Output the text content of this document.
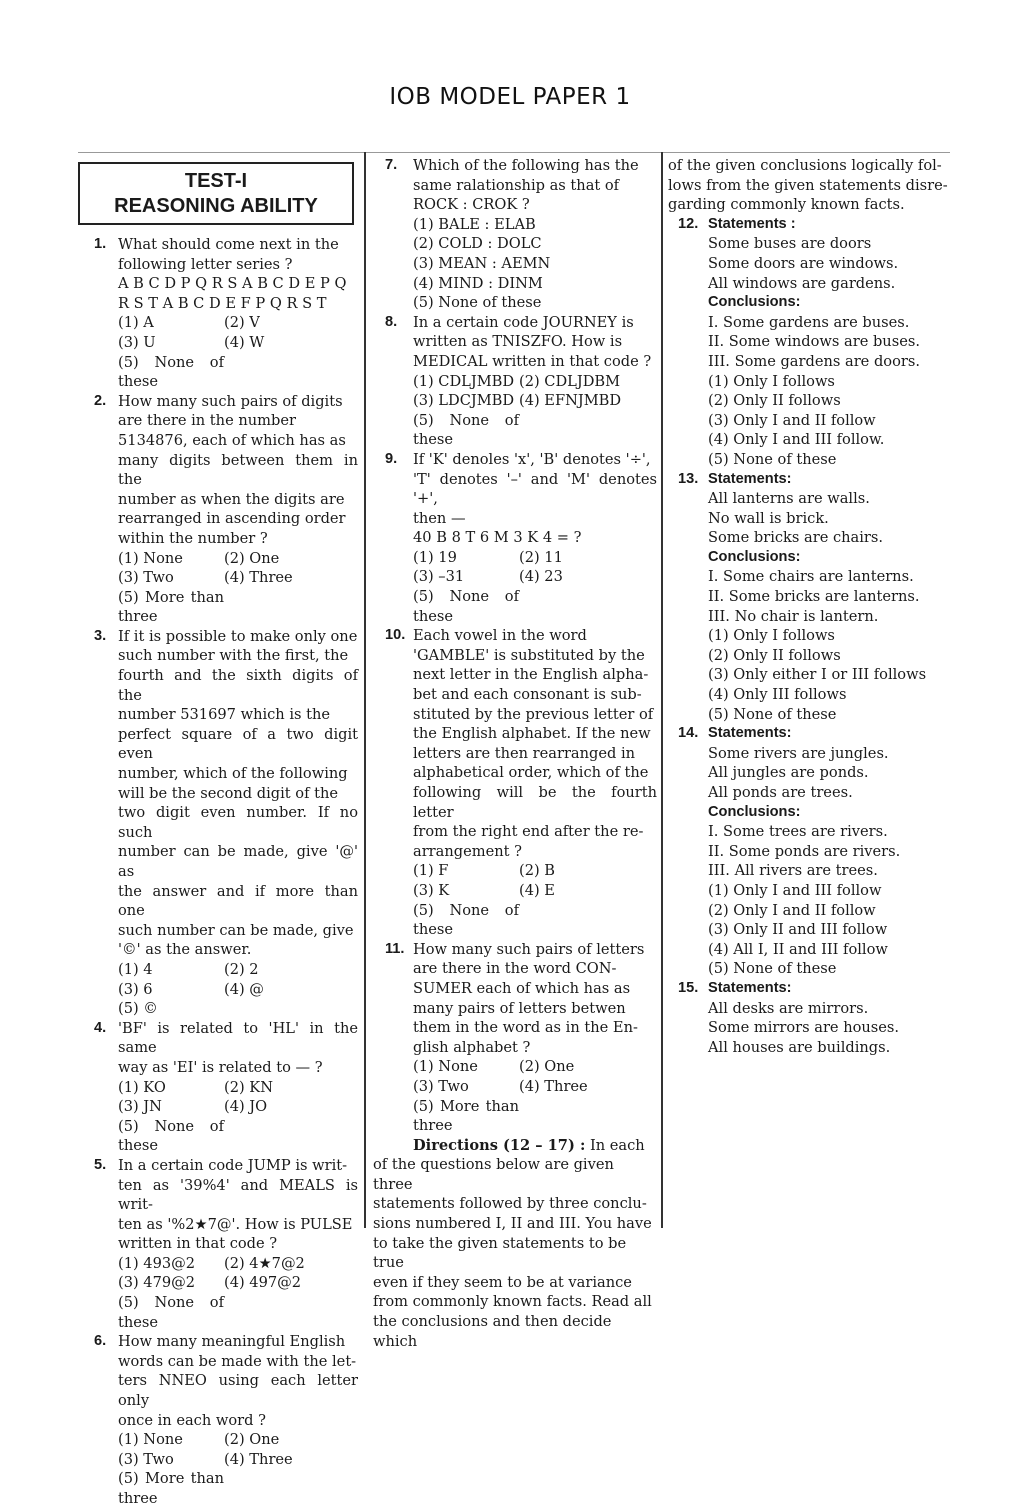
IOB MODEL PAPER 1
TEST-I
REASONING ABILITY
1. What should come next in the
following letter series ?
A B C D P Q R S A B C D E P Q
R S T A B C D E F P Q R S T
(1) A	(2) V
(3) U	(4) W
(5) None of these
2. How many such pairs of digits
are there in the number
5134876, each of which has as
many digits between them in the
number as when the digits are
rearranged in ascending order
within the number ?
(1) None	(2) One
(3) Two	(4) Three
(5) More than three
3. If it is possible to make only one
such number with the first, the
fourth and the sixth digits of the
number 531697 which is the
perfect square of a two digit even
number, which of the following
will be the second digit of the
two digit even number. If no such
number can be made, give '@' as
the answer and if more than one
such number can be made, give
'©' as the answer.
(1) 4	(2) 2
(3) 6	(4) @
(5) ©
4. 'BF' is related to 'HL' in the same
way as 'EI' is related to — ?
(1) KO	(2) KN
(3) JN	(4) JO
(5) None of these
5. In a certain code JUMP is writ-
ten as '39%4' and MEALS is writ-
ten as '%2★7@'. How is PULSE
written in that code ?
(1) 493@2	(2) 4★7@2
(3) 479@2	(4) 497@2
(5) None of these
6. How many meaningful English
words can be made with the let-
ters NNEO using each letter only
once in each word ?
(1) None	(2) One
(3) Two	(4) Three
(5) More than three
7. Which of the following has the
same ralationship as that of
ROCK : CROK ?
(1) BALE : ELAB
(2) COLD : DOLC
(3) MEAN : AEMN
(4) MIND : DINM
(5) None of these
8. In a certain code JOURNEY is
written as TNISZFO. How is
MEDICAL written in that code ?
(1) CDLJMBD (2) CDLJDBM
(3) LDCJMBD (4) EFNJMBD
(5) None of these
9. If 'K' denoles 'x', 'B' denotes '÷',
'T' denotes '–' and 'M' denotes '+',
then —
40 B 8 T 6 M 3 K 4 = ?
(1) 19	(2) 11
(3) –31	(4) 23
(5) None of these
10. Each vowel in the word
'GAMBLE' is substituted by the
next letter in the English alpha-
bet and each consonant is sub-
stituted by the previous letter of
the English alphabet. If the new
letters are then rearranged in
alphabetical order, which of the
following will be the fourth letter
from the right end after the re-
arrangement ?
(1) F	(2) B
(3) K	(4) E
(5) None of these
11. How many such pairs of letters
are there in the word CON-
SUMER each of which has as
many pairs of letters betwen
them in the word as in the En-
glish alphabet ?
(1) None	(2) One
(3) Two	(4) Three
(5) More than three
Directions (12 – 17) : In each
of the questions below are given three
statements followed by three conclu-
sions numbered I, II and III. You have
to take the given statements to be true
even if they seem to be at variance
from commonly known facts. Read all
the conclusions and then decide which
of the given conclusions logically fol-
lows from the given statements disre-
garding commonly known facts.
12. Statements :
Some buses are doors
Some doors are windows.
All windows are gardens.
Conclusions:
I. Some gardens are buses.
II. Some windows are buses.
III. Some gardens are doors.
(1) Only I follows
(2) Only II follows
(3) Only I and II follow
(4) Only I and III follow.
(5) None of these
13. Statements:
All lanterns are walls.
No wall is brick.
Some bricks are chairs.
Conclusions:
I. Some chairs are lanterns.
II. Some bricks are lanterns.
III. No chair is lantern.
(1) Only I follows
(2) Only II follows
(3) Only either I or III follows
(4) Only III follows
(5) None of these
14. Statements:
Some rivers are jungles.
All jungles are ponds.
All ponds are trees.
Conclusions:
I. Some trees are rivers.
II. Some ponds are rivers.
III. All rivers are trees.
(1) Only I and III follow
(2) Only I and II follow
(3) Only II and III follow
(4) All I, II and III follow
(5) None of these
15. Statements:
All desks are mirrors.
Some mirrors are houses.
All houses are buildings.
